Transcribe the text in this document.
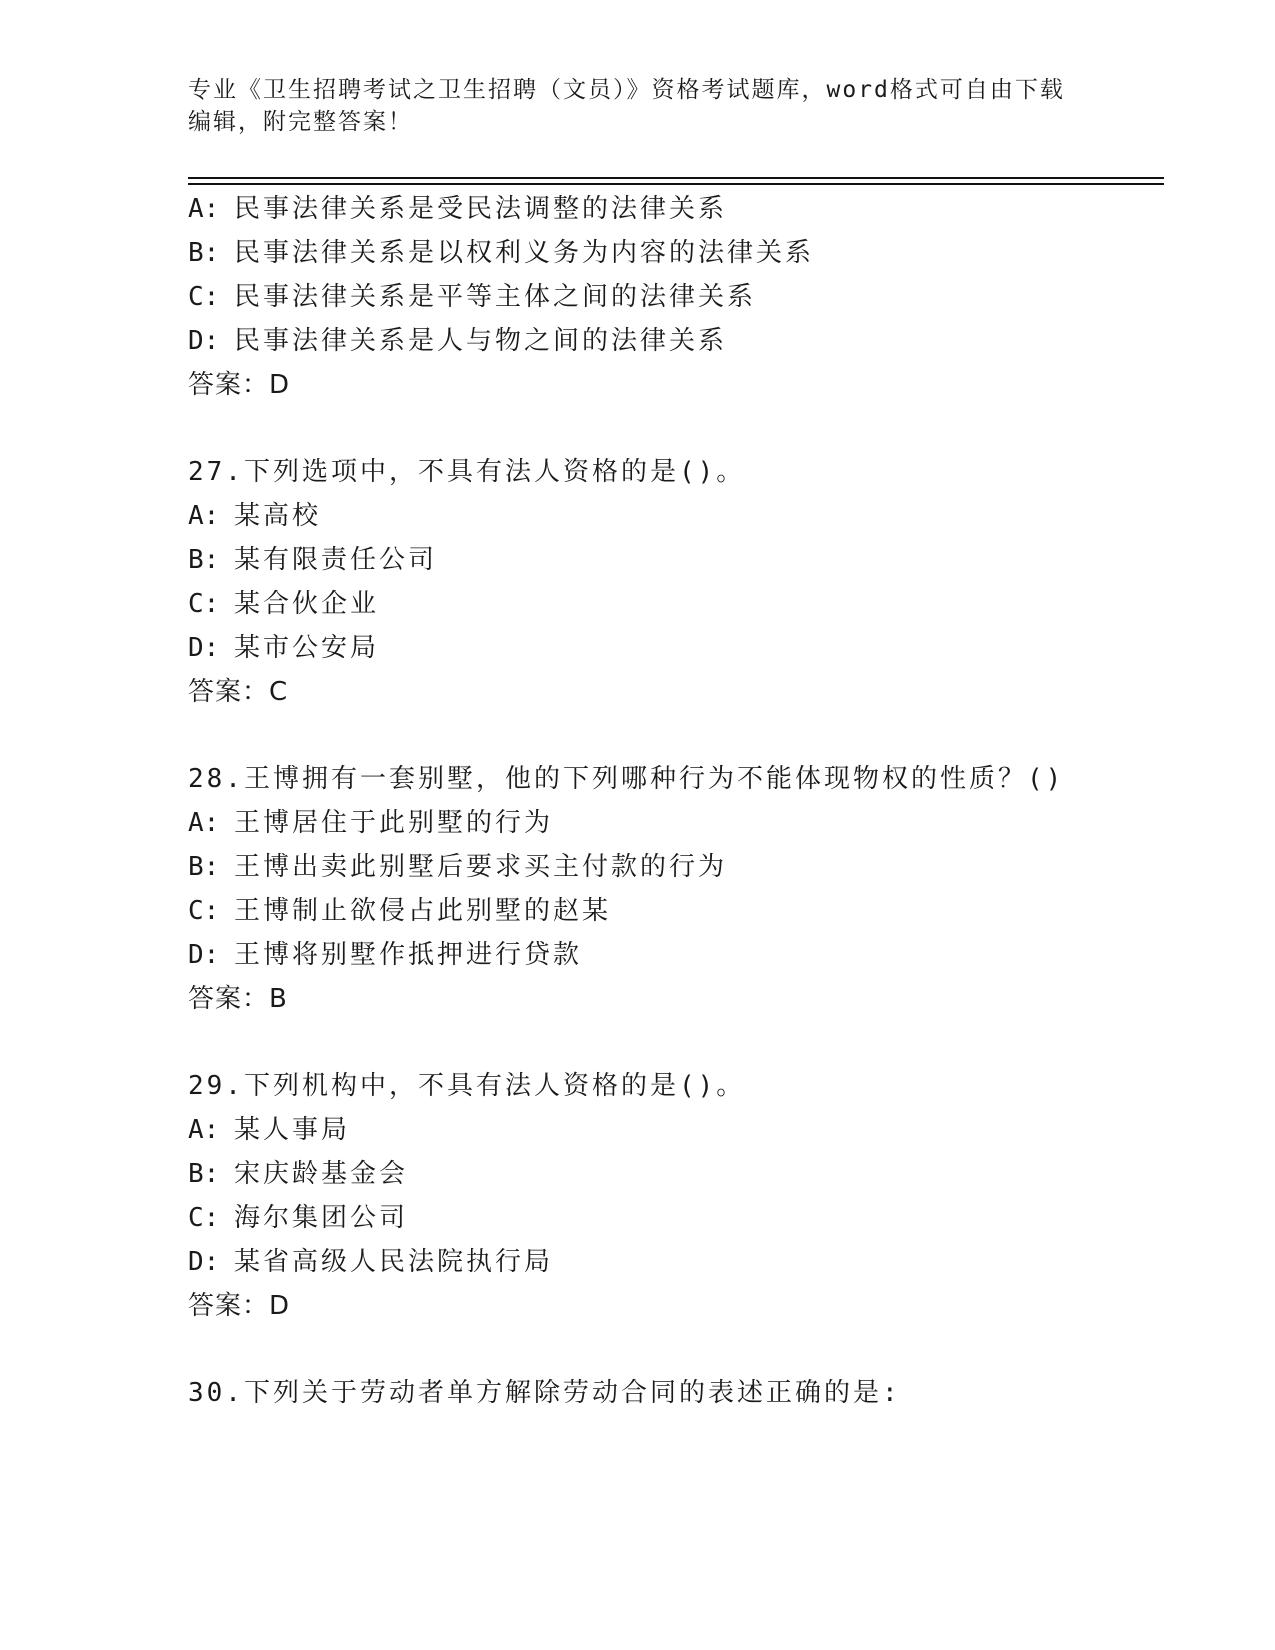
专业《卫生招聘考试之卫生招聘（文员）》资格考试题库，word格式可自由下载
编辑，附完整答案！
A: 民事法律关系是受民法调整的法律关系
B: 民事法律关系是以权利义务为内容的法律关系
C: 民事法律关系是平等主体之间的法律关系
D: 民事法律关系是人与物之间的法律关系
答案：D
27.下列选项中，不具有法人资格的是()。
A: 某高校
B: 某有限责任公司
C: 某合伙企业
D: 某市公安局
答案：C
28.王博拥有一套别墅，他的下列哪种行为不能体现物权的性质？()
A: 王博居住于此别墅的行为
B: 王博出卖此别墅后要求买主付款的行为
C: 王博制止欲侵占此别墅的赵某
D: 王博将别墅作抵押进行贷款
答案：B
29.下列机构中，不具有法人资格的是()。
A: 某人事局
B: 宋庆龄基金会
C: 海尔集团公司
D: 某省高级人民法院执行局
答案：D
30.下列关于劳动者单方解除劳动合同的表述正确的是:
